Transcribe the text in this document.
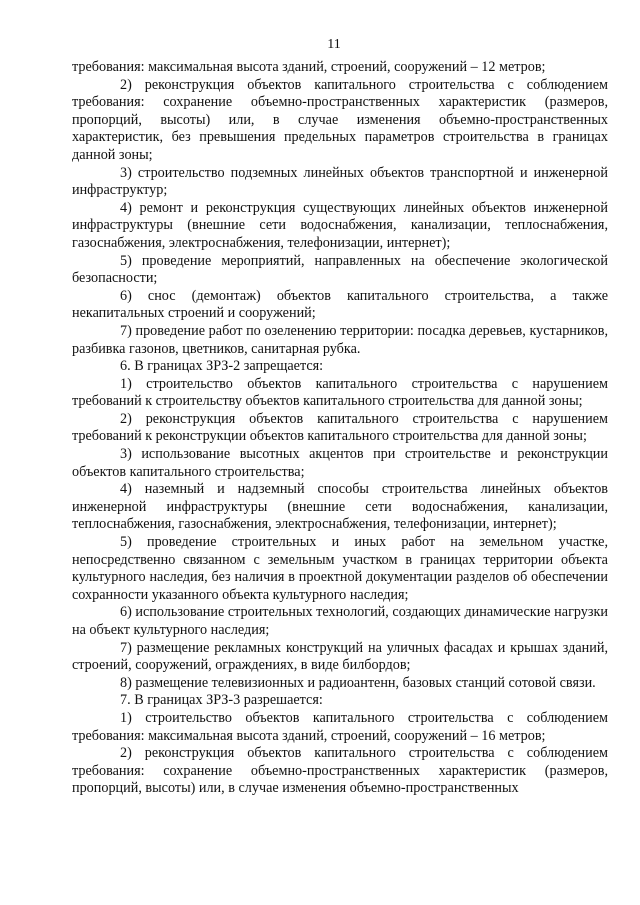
11

требования: максимальная высота зданий, строений, сооружений – 12 метров;

2) реконструкция объектов капитального строительства с соблюдением требования: сохранение объемно-пространственных характеристик (размеров, пропорций, высоты) или, в случае изменения объемно-пространственных характеристик, без превышения предельных параметров строительства в границах данной зоны;

3) строительство подземных линейных объектов транспортной и инженерной инфраструктур;

4) ремонт и реконструкция существующих линейных объектов инженерной инфраструктуры (внешние сети водоснабжения, канализации, теплоснабжения, газоснабжения, электроснабжения, телефонизации, интернет);

5) проведение мероприятий, направленных на обеспечение экологической безопасности;

6) снос (демонтаж) объектов капитального строительства, а также некапитальных строений и сооружений;

7) проведение работ по озеленению территории: посадка деревьев, кустарников, разбивка газонов, цветников, санитарная рубка.

6. В границах ЗРЗ-2 запрещается:

1) строительство объектов капитального строительства с нарушением требований к строительству объектов капитального строительства для данной зоны;

2) реконструкция объектов капитального строительства с нарушением требований к реконструкции объектов капитального строительства для данной зоны;

3) использование высотных акцентов при строительстве и реконструкции объектов капитального строительства;

4) наземный и надземный способы строительства линейных объектов инженерной инфраструктуры (внешние сети водоснабжения, канализации, теплоснабжения, газоснабжения, электроснабжения, телефонизации, интернет);

5) проведение строительных и иных работ на земельном участке, непосредственно связанном с земельным участком в границах территории объекта культурного наследия, без наличия в проектной документации разделов об обеспечении сохранности указанного объекта культурного наследия;

6) использование строительных технологий, создающих динамические нагрузки на объект культурного наследия;

7) размещение рекламных конструкций на уличных фасадах и крышах зданий, строений, сооружений, ограждениях, в виде билбордов;

8) размещение телевизионных и радиоантенн, базовых станций сотовой связи.

7. В границах ЗРЗ-3 разрешается:

1) строительство объектов капитального строительства с соблюдением требования: максимальная высота зданий, строений, сооружений – 16 метров;

2) реконструкция объектов капитального строительства с соблюдением требования: сохранение объемно-пространственных характеристик (размеров, пропорций, высоты) или, в случае изменения объемно-пространственных
